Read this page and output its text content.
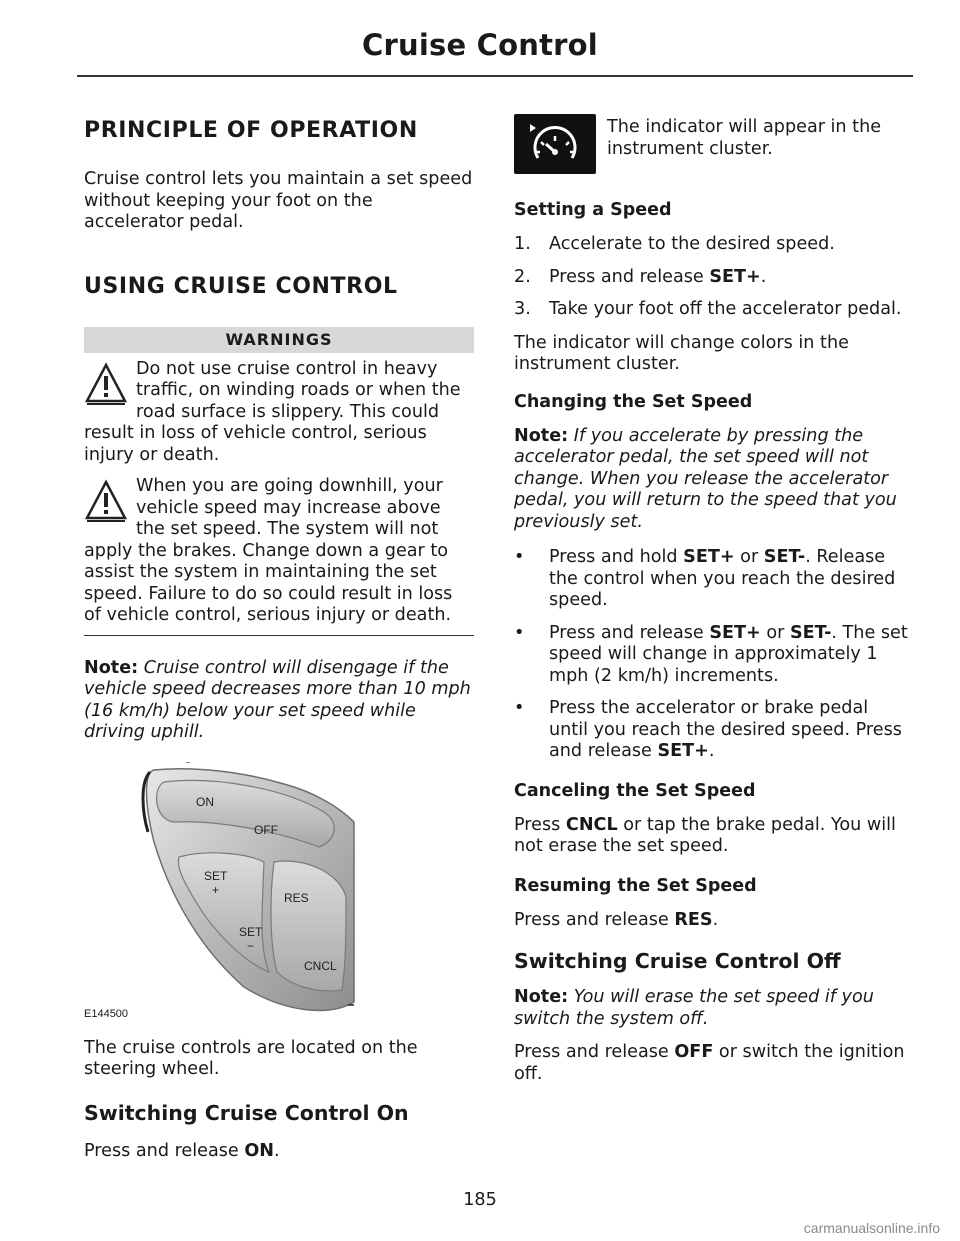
Cruise Control
PRINCIPLE OF OPERATION

Cruise control lets you maintain a set speed without keeping your foot on the accelerator pedal.

USING CRUISE CONTROL
WARNINGS

Do not use cruise control in heavy traffic, on winding roads or when the road surface is slippery. This could result in loss of vehicle control, serious injury or death.

When you are going downhill, your vehicle speed may increase above the set speed. The system will not apply the brakes. Change down a gear to assist the system in maintaining the set speed. Failure to do so could result in loss of vehicle control, serious injury or death.

Note: Cruise control will disengage if the vehicle speed decreases more than 10 mph (16 km/h) below your set speed while driving uphill.

ON
OFF
SET
+
RES
SET
−
CNCL
E144500

The cruise controls are located on the steering wheel.

Switching Cruise Control On

Press and release ON.

The indicator will appear in the instrument cluster.

Setting a Speed
1. Accelerate to the desired speed.
2. Press and release SET+.
3. Take your foot off the accelerator pedal.

The indicator will change colors in the instrument cluster.

Changing the Set Speed

Note: If you accelerate by pressing the accelerator pedal, the set speed will not change. When you release the accelerator pedal, you will return to the speed that you previously set.

• Press and hold SET+ or SET-. Release the control when you reach the desired speed.
• Press and release SET+ or SET-. The set speed will change in approximately 1 mph (2 km/h) increments.
• Press the accelerator or brake pedal until you reach the desired speed. Press and release SET+.
Canceling the Set Speed

Press CNCL or tap the brake pedal. You will not erase the set speed.

Resuming the Set Speed

Press and release RES.

Switching Cruise Control Off

Note: You will erase the set speed if you switch the system off.

Press and release OFF or switch the ignition off.

185
carmanualsonline.info
